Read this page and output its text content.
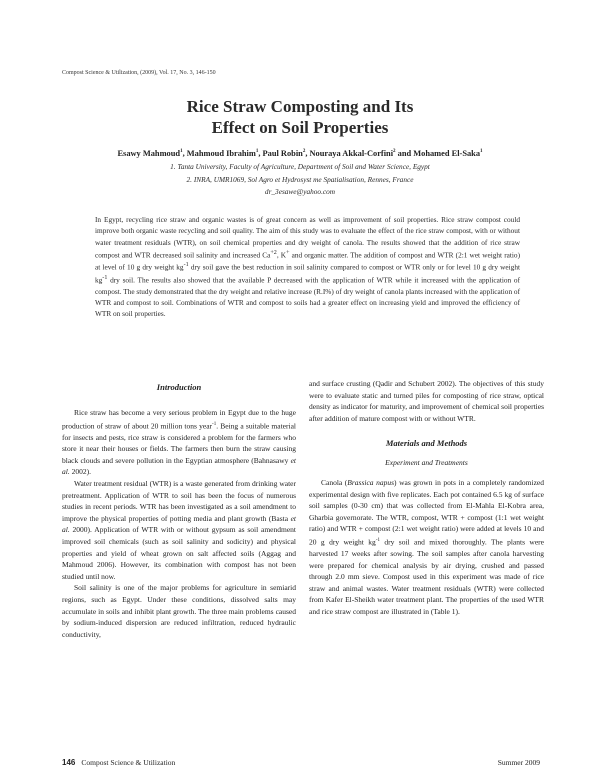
Compost Science & Utilization, (2009), Vol. 17, No. 3, 146-150
Rice Straw Composting and Its
Effect on Soil Properties
Esawy Mahmoud$^1$, Mahmoud Ibrahim$^1$, Paul Robin$^2$, Nouraya Akkal-Corfini$^2$ and Mohamed El-Saka$^1$
1. Tanta University, Faculty of Agriculture, Department of Soil and Water Science, Egypt
2. INRA, UMR1069, Sol Agro et Hydrosyst me Spatialisation, Rennes, France
dr_3esawe@yahoo.com
In Egypt, recycling rice straw and organic wastes is of great concern as well as improvement of soil properties. Rice straw compost could improve both organic waste recycling and soil quality. The aim of this study was to evaluate the effect of the rice straw compost, with or without water treatment residuals (WTR), on soil chemical properties and dry weight of canola. The results showed that the addition of rice straw compost and WTR decreased soil salinity and increased $Ca^{+2}$, K+ and organic matter. The addition of compost and WTR (2:1 wet weight ratio) at level of 10 g dry weight $kg^{-1}$ dry soil gave the best reduction in soil salinity compared to compost or WTR only or for level 10 g dry weight $kg^{-1}$ dry soil. The results also showed that the available P decreased with the application of WTR while it increased with the application of compost. The study demonstrated that the dry weight and relative increase (R.I%) of dry weight of canola plants increased with the application of WTR and compost to soil. Combinations of WTR and compost to soils had a greater effect on increasing yield and improved the efficiency of WTR on soil properties.
Introduction

Rice straw has become a very serious problem in Egypt due to the huge production of straw of about 20 million tons year$^{-1}$. Being a suitable material for insects and pests, rice straw is considered a problem for the farmers who store it near their houses or fields. The farmers then burn the straw causing black clouds and severe pollution in the Egyptian atmosphere (Bahnasawy et al. 2002).

Water treatment residual (WTR) is a waste generated from drinking water pretreatment. Application of WTR to soil has been the focus of numerous studies in recent periods. WTR has been investigated as a soil amendment to improve the physical properties of potting media and plant growth (Basta et al. 2000). Application of WTR with or without gypsum as soil amendment improved soil chemicals (such as soil salinity and sodicity) and physical properties and yield of wheat grown on salt affected soils (Aggag and Mahmoud 2006). However, its combination with compost has not been studied until now.

Soil salinity is one of the major problems for agriculture in semiarid regions, such as Egypt. Under these conditions, dissolved salts may accumulate in soils and inhibit plant growth. The three main problems caused by sodium-induced dispersion are reduced infiltration, reduced hydraulic conductivity,

and surface crusting (Qadir and Schubert 2002). The objectives of this study were to evaluate static and turned piles for composting of rice straw, optical density as indicator for maturity, and improvement of chemical soil properties after addition of mature compost with or without WTR.

Materials and Methods
Experiment and Treatments

Canola (Brassica napus) was grown in pots in a completely randomized experimental design with five replicates. Each pot contained 6.5 kg of surface soil samples (0-30 cm) that was collected from El-Mahla El-Kobra area, Gharbia governorate. The WTR, compost, WTR + compost (1:1 wet weight ratio) and WTR + compost (2:1 wet weight ratio) were added at levels 10 and 20 g dry weight $kg^{-1}$ dry soil and mixed thoroughly. The plants were harvested 17 weeks after sowing. The soil samples after canola harvesting were prepared for chemical analysis by air drying, crushed and passed through 2.0 mm sieve. Compost used in this experiment was made of rice straw and animal wastes. Water treatment residuals (WTR) were collected from Kafer El-Sheikh water treatment plant. The properties of the used WTR and rice straw compost are illustrated in (Table 1).

146 Compost Science & Utilization	Summer 2009
